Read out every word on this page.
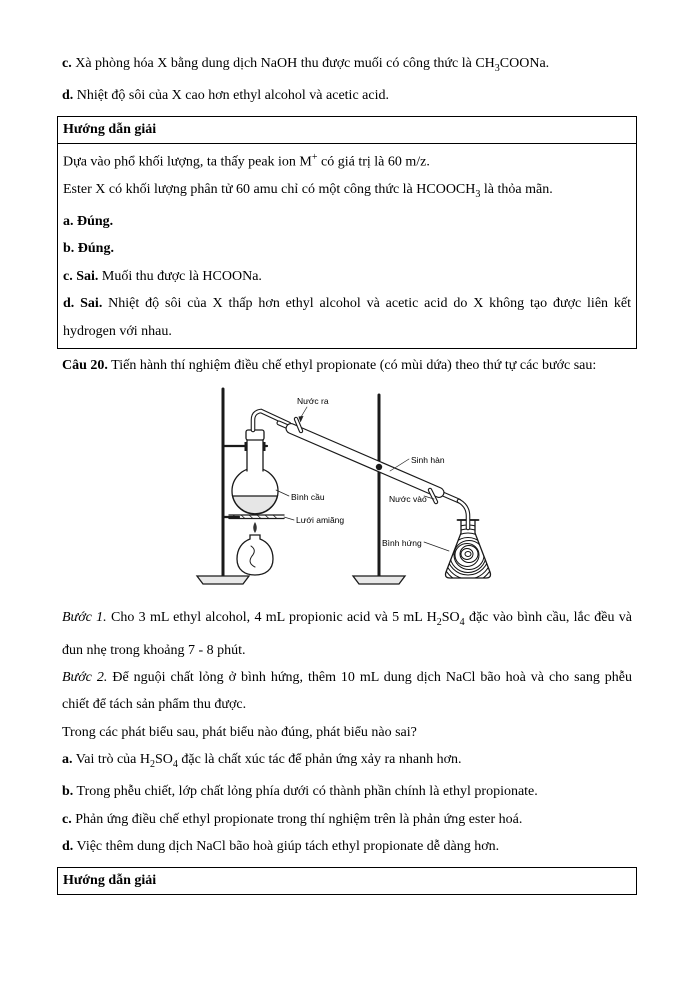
c. Xà phòng hóa X bằng dung dịch NaOH thu được muối có công thức là $CH_3COONa$.

d. Nhiệt độ sôi của X cao hơn ethyl alcohol và acetic acid.

Hướng dẫn giải

Dựa vào phổ khối lượng, ta thấy peak ion M+ có giá trị là 60 m/z.

Ester X có khối lượng phân tử 60 amu chỉ có một công thức là $HCOOCH_3$ là thỏa mãn.

a. Đúng.

b. Đúng.

c. Sai. Muối thu được là HCOONa.

d. Sai. Nhiệt độ sôi của X thấp hơn ethyl alcohol và acetic acid do X không tạo được liên kết hydrogen với nhau.

Câu 20. Tiến hành thí nghiệm điều chế ethyl propionate (có mùi dứa) theo thứ tự các bước sau:

Nước ra
Sinh hàn
Bình cầu	Nước vào
Lưới amiăng
Bình hứng

Bước 1. Cho 3 mL ethyl alcohol, 4 mL propionic acid và 5 mL $H_2SO_4$ đặc vào bình cầu, lắc đều và đun nhẹ trong khoảng 7 - 8 phút.

Bước 2. Để nguội chất lỏng ở bình hứng, thêm 10 mL dung dịch NaCl bão hoà và cho sang phễu chiết để tách sản phẩm thu được.

Trong các phát biểu sau, phát biểu nào đúng, phát biểu nào sai?

a. Vai trò của $H_2SO_4$ đặc là chất xúc tác để phản ứng xảy ra nhanh hơn.

b. Trong phễu chiết, lớp chất lỏng phía dưới có thành phần chính là ethyl propionate.

c. Phản ứng điều chế ethyl propionate trong thí nghiệm trên là phản ứng ester hoá.

d. Việc thêm dung dịch NaCl bão hoà giúp tách ethyl propionate dễ dàng hơn.

Hướng dẫn giải
